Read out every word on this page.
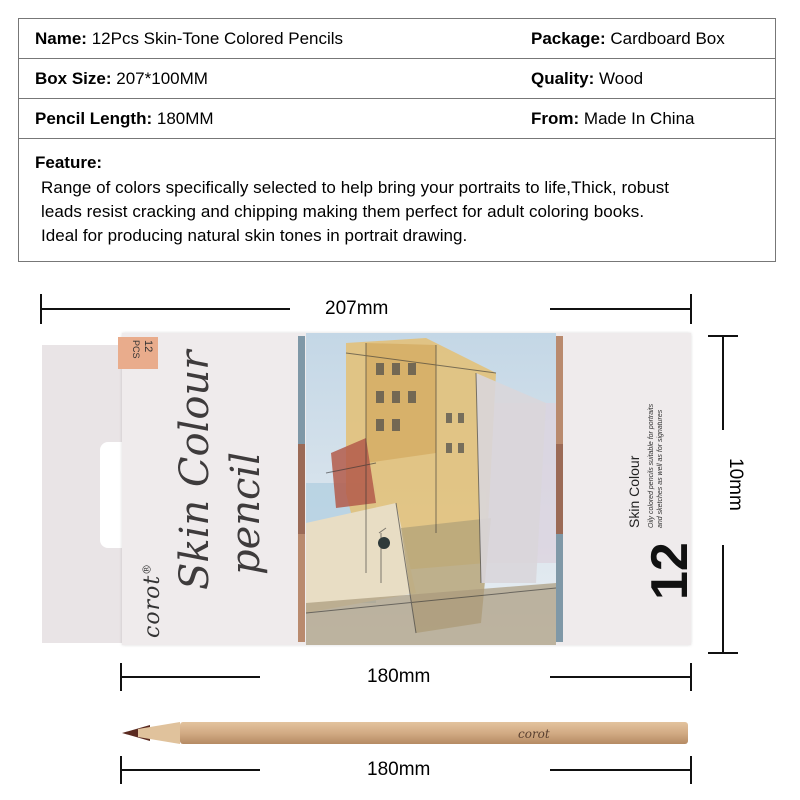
Name: 12Pcs Skin-Tone Colored Pencils	Package: Cardboard Box
Box Size: 207*100MM	Quality: Wood
Pencil Length: 180MM	From: Made In China
Feature:
Range of colors specifically selected to help bring your portraits to life,Thick, robust
leads resist cracking and chipping making them perfect for adult coloring books.
Ideal for producing natural skin tones in portrait drawing.
207mm
10mm
12
PCS
corot® Skin Colour pencil	12
Skin Colour Oily colored pencils suitable for portraits and sketches as well as for signatures
180mm
corot
180mm
